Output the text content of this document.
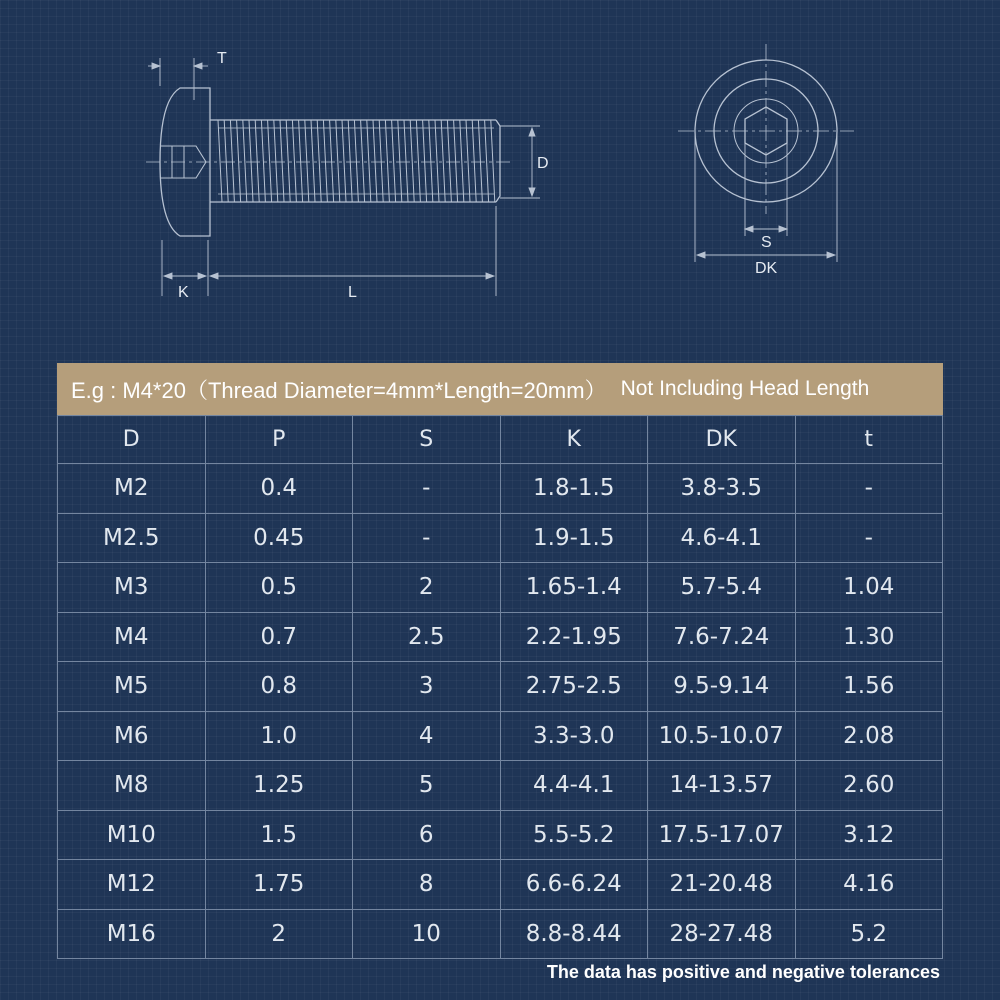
T
D
K	L
S
DK
E.g : M4*20（Thread Diameter=4mm*Length=20mm） Not Including Head Length
D	P	S	K	DK	t
M2	0.4	-	1.8-1.5	3.8-3.5	-
M2.5	0.45	-	1.9-1.5	4.6-4.1	-
M3	0.5	2	1.65-1.4	5.7-5.4	1.04
M4	0.7	2.5	2.2-1.95	7.6-7.24	1.30
M5	0.8	3	2.75-2.5	9.5-9.14	1.56
M6	1.0	4	3.3-3.0	10.5-10.07	2.08
M8	1.25	5	4.4-4.1	14-13.57	2.60
M10	1.5	6	5.5-5.2	17.5-17.07	3.12
M12	1.75	8	6.6-6.24	21-20.48	4.16
M16	2	10	8.8-8.44	28-27.48	5.2
The data has positive and negative tolerances
